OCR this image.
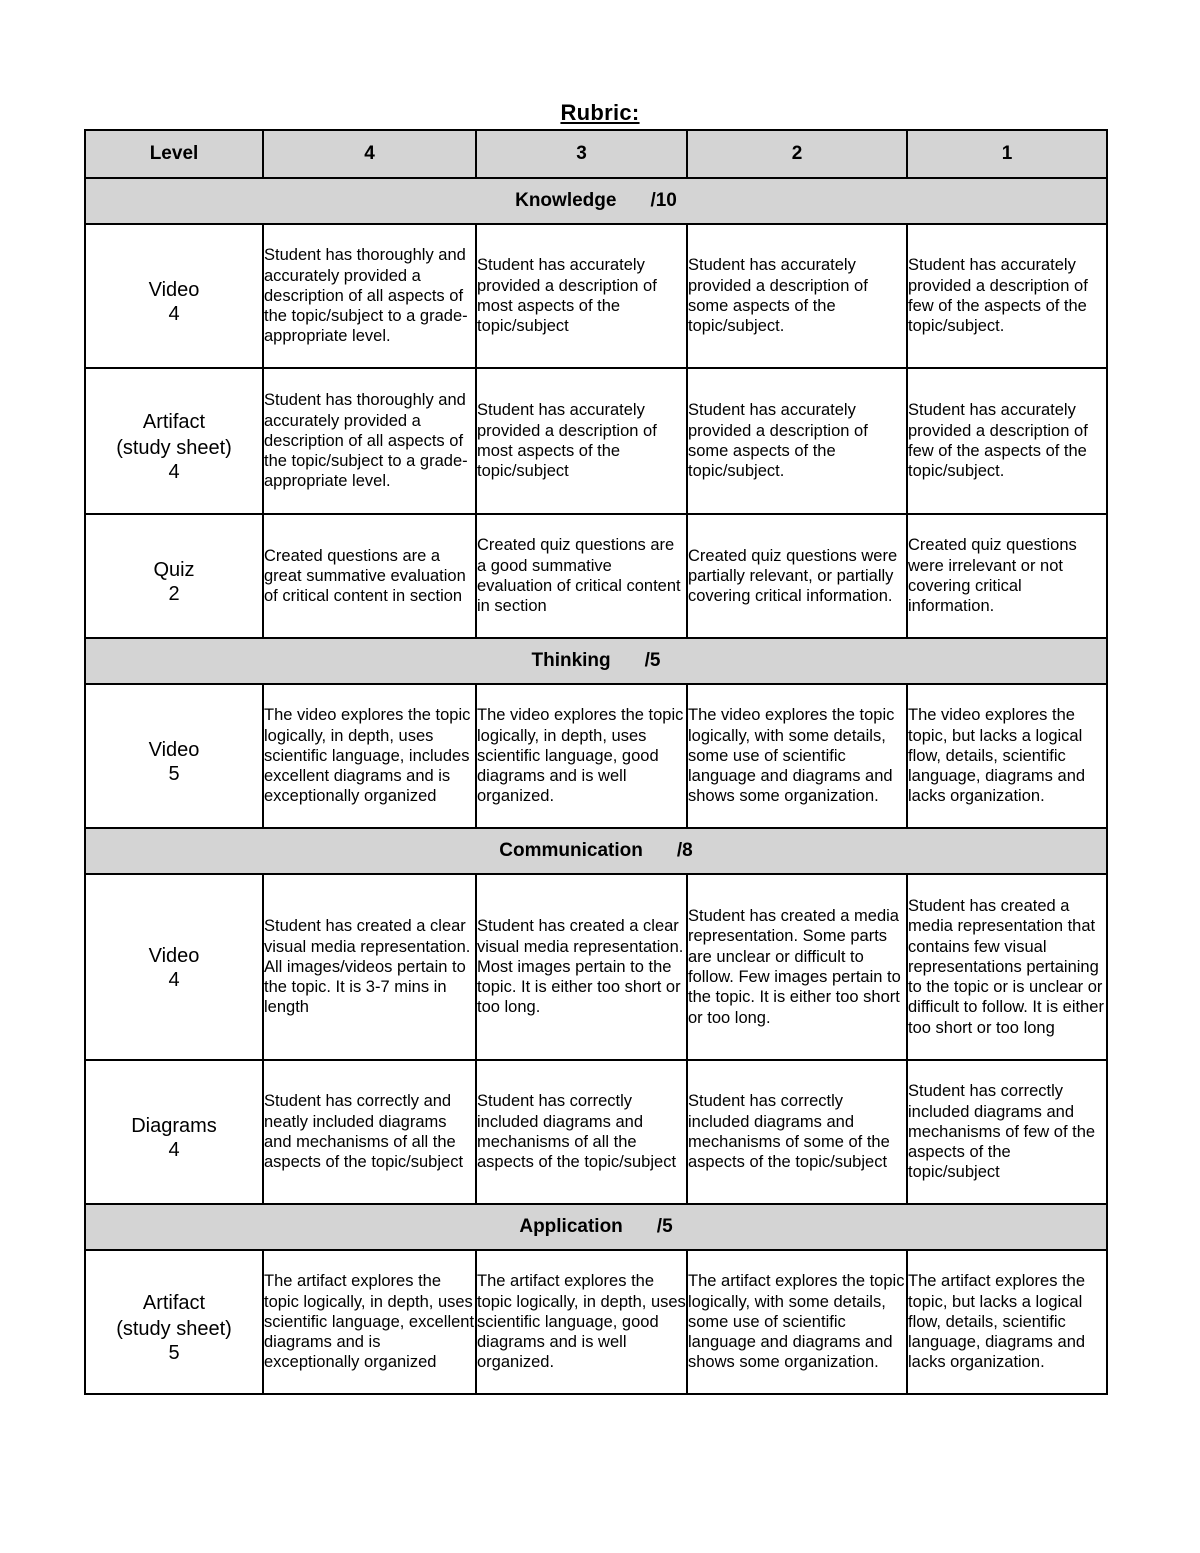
Rubric:
Level	4	3	2	1
Knowledge /10				

Video
4	Student has thoroughly and accurately provided a description of all aspects of the topic/subject to a grade-appropriate level.	Student has accurately provided a description of most aspects of the topic/subject	Student has accurately provided a description of some aspects of the topic/subject.	Student has accurately provided a description of few of the aspects of the topic/subject.

Artifact
(study sheet)
4	Student has thoroughly and accurately provided a description of all aspects of the topic/subject to a grade-appropriate level.	Student has accurately provided a description of most aspects of the topic/subject	Student has accurately provided a description of some aspects of the topic/subject.	Student has accurately provided a description of few of the aspects of the topic/subject.

Quiz
2	Created questions are a great summative evaluation of critical content in section	Created quiz questions are a good summative evaluation of critical content in section	Created quiz questions were partially relevant, or partially covering critical information.	Created quiz questions were irrelevant or not covering critical information.
Thinking /5				

Video
5	The video explores the topic logically, in depth, uses scientific language, includes excellent diagrams and is exceptionally organized	The video explores the topic logically, in depth, uses scientific language, good diagrams and is well organized.	The video explores the topic logically, with some details, some use of scientific language and diagrams and shows some organization.	The video explores the topic, but lacks a logical flow, details, scientific language, diagrams and lacks organization.
Communication /8				

Video
4	Student has created a clear visual media representation. All images/videos pertain to the topic. It is 3-7 mins in length	Student has created a clear visual media representation. Most images pertain to the topic. It is either too short or too long.	Student has created a media representation. Some parts are unclear or difficult to follow. Few images pertain to the topic. It is either too short or too long.	Student has created a media representation that contains few visual representations pertaining to the topic or is unclear or difficult to follow. It is either too short or too long

Diagrams
4	Student has correctly and neatly included diagrams and mechanisms of all the aspects of the topic/subject	Student has correctly included diagrams and mechanisms of all the aspects of the topic/subject	Student has correctly included diagrams and mechanisms of some of the aspects of the topic/subject	Student has correctly included diagrams and mechanisms of few of the aspects of the topic/subject
Application /5				

Artifact
(study sheet)
5	The artifact explores the topic logically, in depth, uses scientific language, excellent diagrams and is exceptionally organized	The artifact explores the topic logically, in depth, uses scientific language, good diagrams and is well organized.	The artifact explores the topic logically, with some details, some use of scientific language and diagrams and shows some organization.	The artifact explores the topic, but lacks a logical flow, details, scientific language, diagrams and lacks organization.
